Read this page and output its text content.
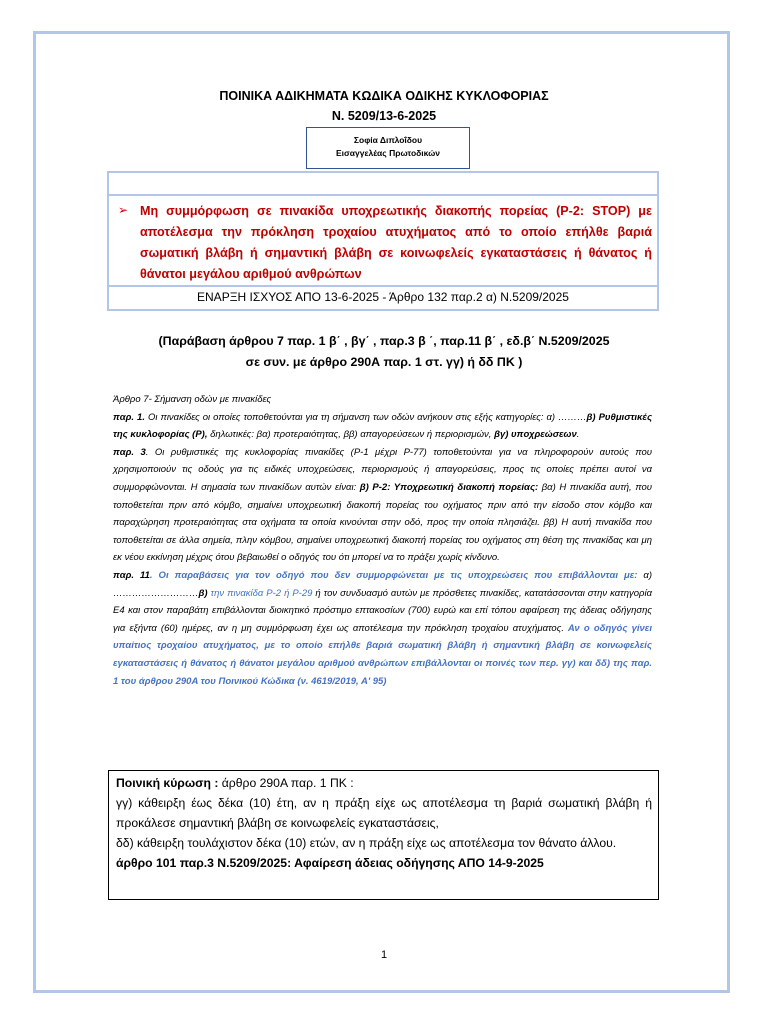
ΠΟΙΝΙΚΑ ΑΔΙΚΗΜΑΤΑ ΚΩΔΙΚΑ ΟΔΙΚΗΣ ΚΥΚΛΟΦΟΡΙΑΣ
Ν. 5209/13-6-2025
Σοφία Διπλοΐδου
Εισαγγελέας Πρωτοδικών
➢ Μη συμμόρφωση σε πινακίδα υποχρεωτικής διακοπής πορείας (Ρ-2: STOP) με αποτέλεσμα την πρόκληση τροχαίου ατυχήματος από το οποίο επήλθε βαριά σωματική βλάβη ή σημαντική βλάβη σε κοινωφελείς εγκαταστάσεις ή θάνατος ή θάνατοι μεγάλου αριθμού ανθρώπων
ΕΝΑΡΞΗ ΙΣΧΥΟΣ ΑΠΟ 13-6-2025 - Άρθρο 132 παρ.2 α) Ν.5209/2025
(Παράβαση άρθρου 7 παρ. 1 β΄ , βγ΄ , παρ.3 β ΄, παρ.11 β΄ , εδ.β΄ Ν.5209/2025
σε συν. με άρθρο 290Α παρ. 1 στ. γγ) ή δδ ΠΚ )

Άρθρο 7- Σήμανση οδών με πινακίδες

παρ. 1. Οι πινακίδες οι οποίες τοποθετούνται για τη σήμανση των οδών ανήκουν στις εξής κατηγορίες: α) ………β) Ρυθμιστικές της κυκλοφορίας (Ρ), δηλωτικές: βα) προτεραιότητας, ββ) απαγορεύσεων ή περιορισμών, βγ) υποχρεώσεων.

παρ. 3. Οι ρυθμιστικές της κυκλοφορίας πινακίδες (Ρ-1 μέχρι Ρ-77) τοποθετούνται για να πληροφορούν αυτούς που χρησιμοποιούν τις οδούς για τις ειδικές υποχρεώσεις, περιορισμούς ή απαγορεύσεις, προς τις οποίες πρέπει αυτοί να συμμορφώνονται. Η σημασία των πινακίδων αυτών είναι: β) Ρ-2: Υποχρεωτική διακοπή πορείας: βα) Η πινακίδα αυτή, που τοποθετείται πριν από κόμβο, σημαίνει υποχρεωτική διακοπή πορείας του οχήματος πριν από την είσοδο στον κόμβο και παραχώρηση προτεραιότητας στα οχήματα τα οποία κινούνται στην οδό, προς την οποία πλησιάζει. ββ) Η αυτή πινακίδα που τοποθετείται σε άλλα σημεία, πλην κόμβου, σημαίνει υποχρεωτική διακοπή πορείας του οχήματος στη θέση της πινακίδας και μη εκ νέου εκκίνηση μέχρις ότου βεβαιωθεί ο οδηγός του ότι μπορεί να το πράξει χωρίς κίνδυνο.

παρ. 11. Οι παραβάσεις για τον οδηγό που δεν συμμορφώνεται με τις υποχρεώσεις που επιβάλλονται με: α) ………………………β) την πινακίδα Ρ-2 ή Ρ-29 ή τον συνδυασμό αυτών με πρόσθετες πινακίδες, κατατάσσονται στην κατηγορία Ε4 και στον παραβάτη επιβάλλονται διοικητικό πρόστιμο επτακοσίων (700) ευρώ και επί τόπου αφαίρεση της άδειας οδήγησης για εξήντα (60) ημέρες, αν η μη συμμόρφωση έχει ως αποτέλεσμα την πρόκληση τροχαίου ατυχήματος. Αν ο οδηγός γίνει υπαίτιος τροχαίου ατυχήματος, με το οποίο επήλθε βαριά σωματική βλάβη ή σημαντική βλάβη σε κοινωφελείς εγκαταστάσεις ή θάνατος ή θάνατοι μεγάλου αριθμού ανθρώπων επιβάλλονται οι ποινές των περ. γγ) και δδ) της παρ. 1 του άρθρου 290Α του Ποινικού Κώδικα (ν. 4619/2019, Α' 95)

Ποινική κύρωση : άρθρο 290Α παρ. 1 ΠΚ :

γγ) κάθειρξη έως δέκα (10) έτη, αν η πράξη είχε ως αποτέλεσμα τη βαριά σωματική βλάβη ή προκάλεσε σημαντική βλάβη σε κοινωφελείς εγκαταστάσεις,

δδ) κάθειρξη τουλάχιστον δέκα (10) ετών, αν η πράξη είχε ως αποτέλεσμα τον θάνατο άλλου.

άρθρο 101 παρ.3 Ν.5209/2025: Αφαίρεση άδειας οδήγησης ΑΠΟ 14-9-2025

1
